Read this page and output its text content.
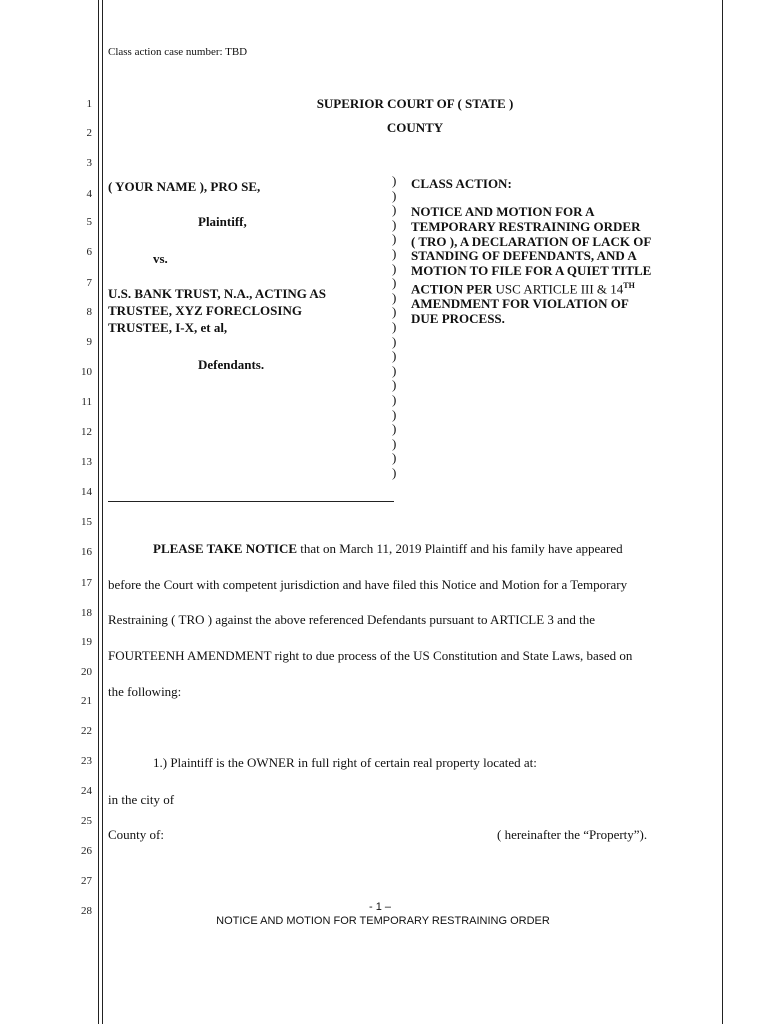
1
2
3
4
5
6
7
8
9
10
11
12
13
14
15
16
17
18
19
20
21
22
23
24
25
26
27
28
Class action case number: TBD
SUPERIOR COURT OF ( STATE )
COUNTY
( YOUR NAME ), PRO SE,
Plaintiff,
vs.
U.S. BANK TRUST, N.A., ACTING AS
TRUSTEE, XYZ FORECLOSING
TRUSTEE, I-X, et al,
Defendants.
)
)
)
)
)
)
)
)
)
)
)
)
)
)
)
)
)
)
)
)
)
CLASS ACTION:
NOTICE AND MOTION FOR A
TEMPORARY RESTRAINING ORDER
( TRO ), A DECLARATION OF LACK OF
STANDING OF DEFENDANTS, AND A
MOTION TO FILE FOR A QUIET TITLE
ACTION PER USC ARTICLE III & 14TH
AMENDMENT FOR VIOLATION OF
DUE PROCESS.
PLEASE TAKE NOTICE that on March 11, 2019 Plaintiff and his family have appeared
before the Court with competent jurisdiction and have filed this Notice and Motion for a Temporary
Restraining ( TRO ) against the above referenced Defendants pursuant to ARTICLE 3 and the
FOURTEENH AMENDMENT right to due process of the US Constitution and State Laws, based on
the following:
1.) Plaintiff is the OWNER in full right of certain real property located at:
in the city of
County of:	( hereinafter the “Property”).
- 1 –
NOTICE AND MOTION FOR TEMPORARY RESTRAINING ORDER
